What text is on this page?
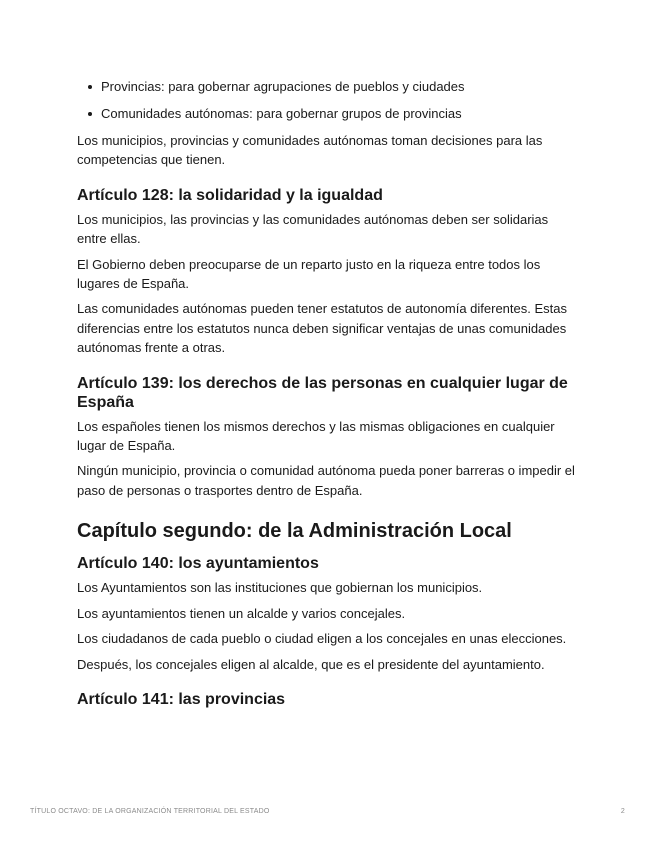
Provincias: para gobernar agrupaciones de pueblos y ciudades
Comunidades autónomas: para gobernar grupos de provincias

Los municipios, provincias y comunidades autónomas toman decisiones para las competencias que tienen.

Artículo 128: la solidaridad y la igualdad

Los municipios, las provincias y las comunidades autónomas deben ser solidarias entre ellas.

El Gobierno deben preocuparse de un reparto justo en la riqueza entre todos los lugares de España.

Las comunidades autónomas pueden tener estatutos de autonomía diferentes. Estas diferencias entre los estatutos nunca deben significar ventajas de unas comunidades autónomas frente a otras.

Artículo 139: los derechos de las personas en cualquier lugar de España

Los españoles tienen los mismos derechos y las mismas obligaciones en cualquier lugar de España.

Ningún municipio, provincia o comunidad autónoma pueda poner barreras o impedir el paso de personas o trasportes dentro de España.

Capítulo segundo: de la Administración Local
Artículo 140: los ayuntamientos

Los Ayuntamientos son las instituciones que gobiernan los municipios.

Los ayuntamientos tienen un alcalde y varios concejales.

Los ciudadanos de cada pueblo o ciudad eligen a los concejales en unas elecciones.

Después, los concejales eligen al alcalde, que es el presidente del ayuntamiento.

Artículo 141: las provincias
TÍTULO OCTAVO: DE LA ORGANIZACIÓN TERRITORIAL DEL ESTADO	2
